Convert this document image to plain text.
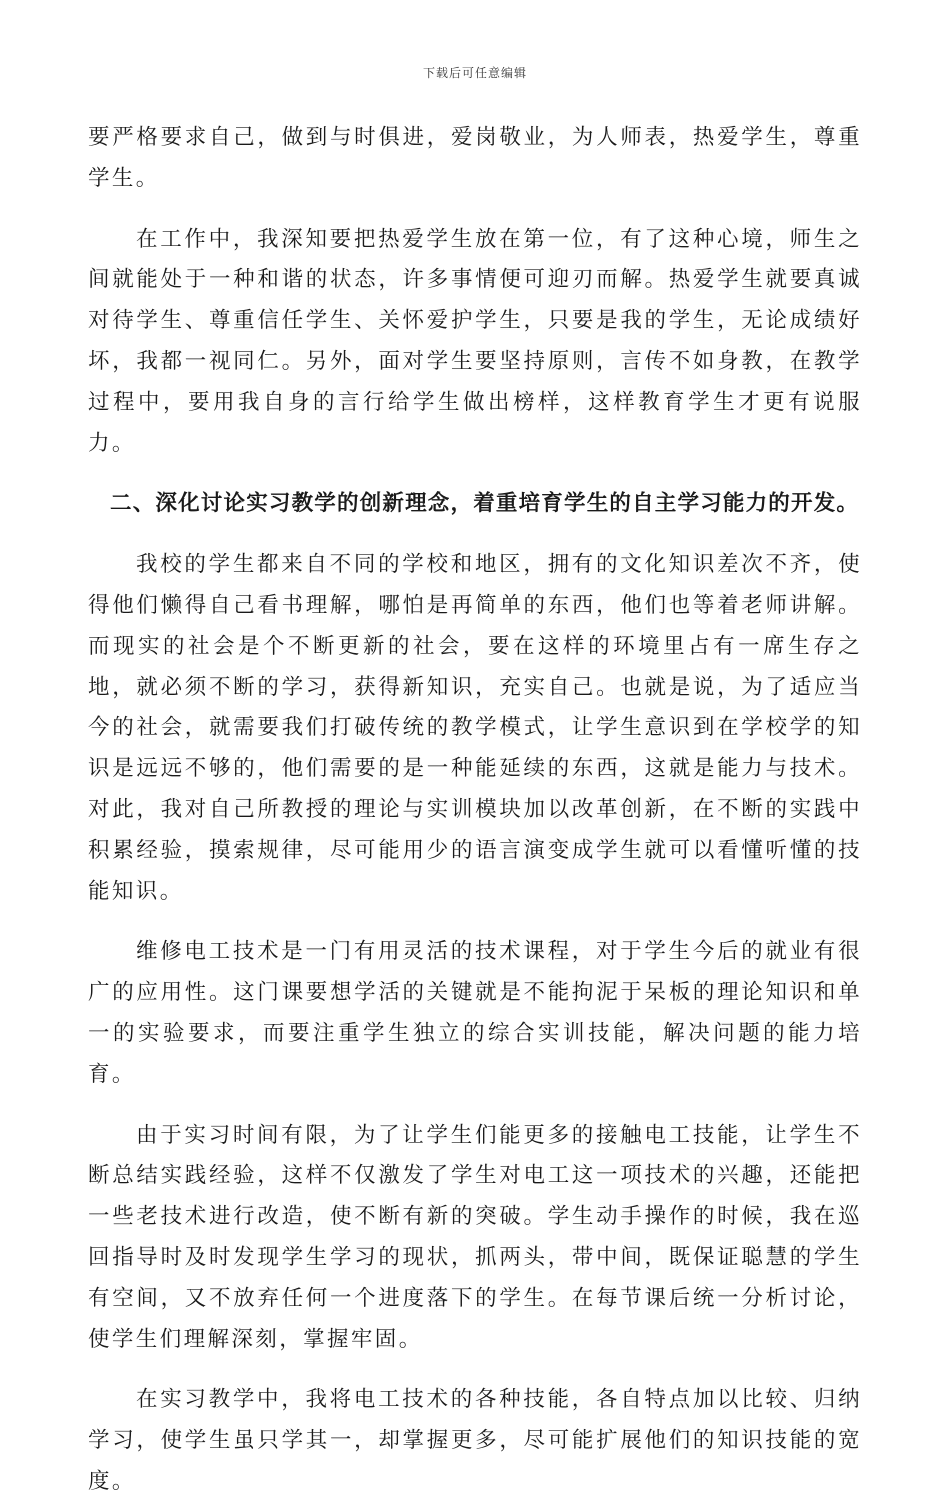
下载后可任意编辑

要严格要求自己，做到与时俱进，爱岗敬业，为人师表，热爱学生，尊重学生。

在工作中，我深知要把热爱学生放在第一位，有了这种心境，师生之间就能处于一种和谐的状态，许多事情便可迎刃而解。热爱学生就要真诚对待学生、尊重信任学生、关怀爱护学生，只要是我的学生，无论成绩好坏，我都一视同仁。另外，面对学生要坚持原则，言传不如身教，在教学过程中，要用我自身的言行给学生做出榜样，这样教育学生才更有说服力。

二、深化讨论实习教学的创新理念，着重培育学生的自主学习能力的开发。

我校的学生都来自不同的学校和地区，拥有的文化知识差次不齐，使得他们懒得自己看书理解，哪怕是再简单的东西，他们也等着老师讲解。而现实的社会是个不断更新的社会，要在这样的环境里占有一席生存之地，就必须不断的学习，获得新知识，充实自己。也就是说，为了适应当今的社会，就需要我们打破传统的教学模式，让学生意识到在学校学的知识是远远不够的，他们需要的是一种能延续的东西，这就是能力与技术。对此，我对自己所教授的理论与实训模块加以改革创新，在不断的实践中积累经验，摸索规律，尽可能用少的语言演变成学生就可以看懂听懂的技能知识。

维修电工技术是一门有用灵活的技术课程，对于学生今后的就业有很广的应用性。这门课要想学活的关键就是不能拘泥于呆板的理论知识和单一的实验要求，而要注重学生独立的综合实训技能，解决问题的能力培育。

由于实习时间有限，为了让学生们能更多的接触电工技能，让学生不断总结实践经验，这样不仅激发了学生对电工这一项技术的兴趣，还能把一些老技术进行改造，使不断有新的突破。学生动手操作的时候，我在巡回指导时及时发现学生学习的现状，抓两头，带中间，既保证聪慧的学生有空间，又不放弃任何一个进度落下的学生。在每节课后统一分析讨论，使学生们理解深刻，掌握牢固。

在实习教学中，我将电工技术的各种技能，各自特点加以比较、归纳学习，使学生虽只学其一，却掌握更多，尽可能扩展他们的知识技能的宽度。
